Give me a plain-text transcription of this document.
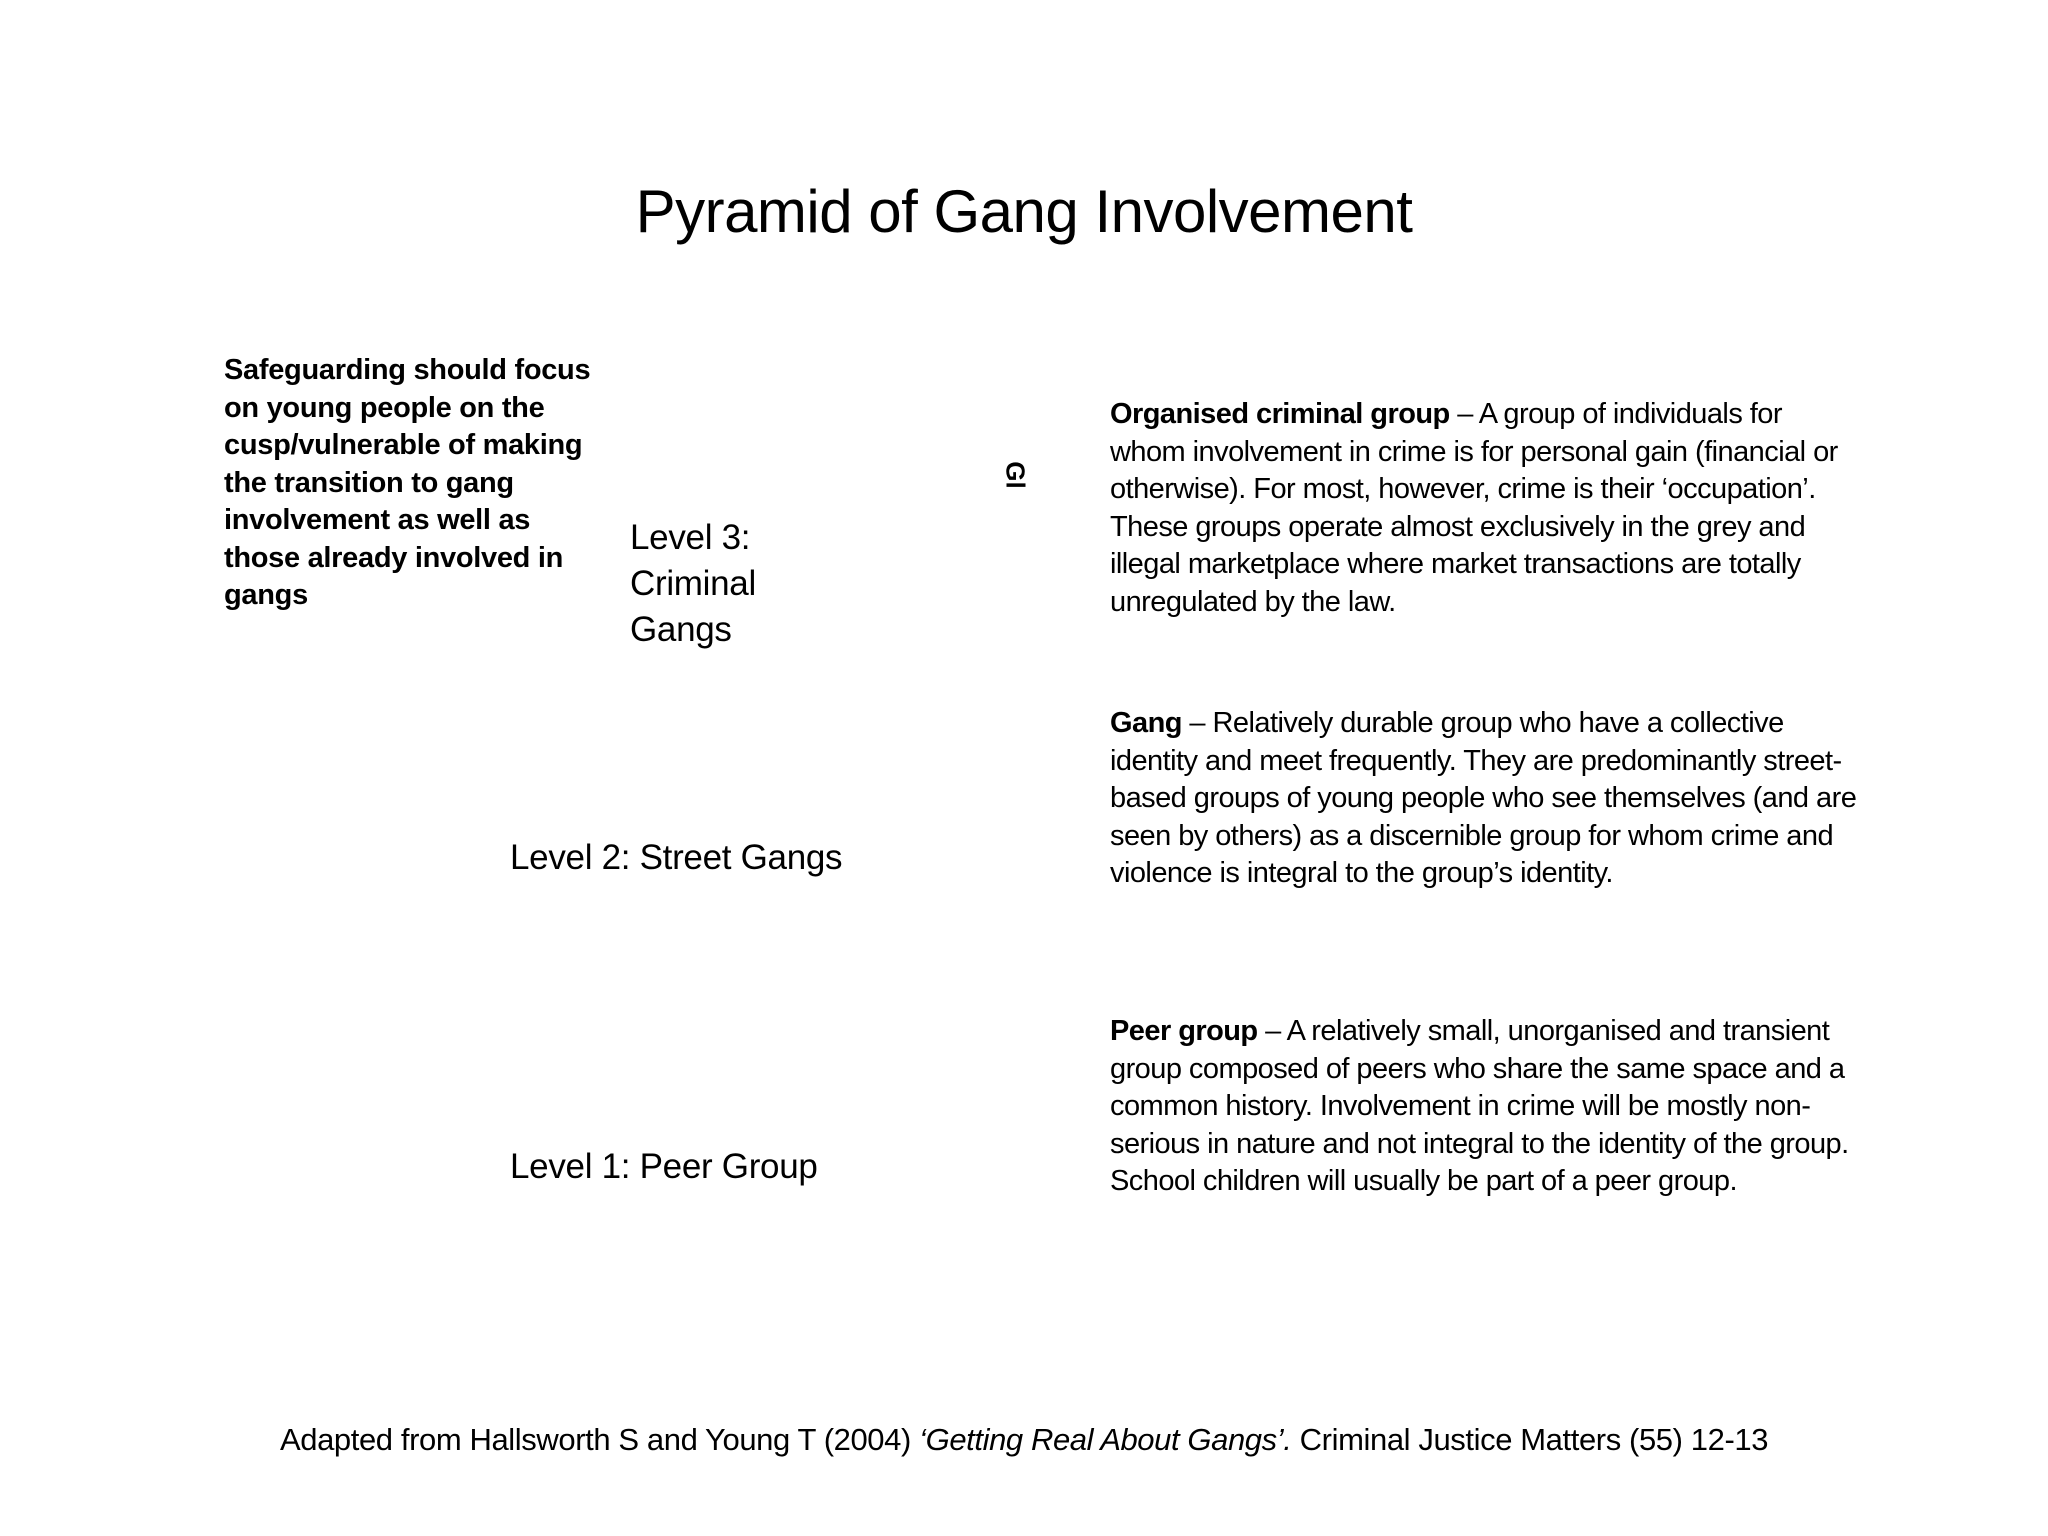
Pyramid of Gang Involvement
Safeguarding should focus on young people on the cusp/vulnerable of making the transition to gang involvement as well as those already involved in gangs
Level 3: Criminal Gangs
Level 2: Street Gangs
Level 1: Peer Group
Gl
Organised criminal group – A group of individuals for whom involvement in crime is for personal gain (financial or otherwise). For most, however, crime is their ‘occupation’. These groups operate almost exclusively in the grey and illegal marketplace where market transactions are totally unregulated by the law.
Gang – Relatively durable group who have a collective identity and meet frequently. They are predominantly street-based groups of young people who see themselves (and are seen by others) as a discernible group for whom crime and violence is integral to the group’s identity.
Peer group – A relatively small, unorganised and transient group composed of peers who share the same space and a common history. Involvement in crime will be mostly non-serious in nature and not integral to the identity of the group. School children will usually be part of a peer group.
Adapted from Hallsworth S and Young T (2004) ‘Getting Real About Gangs’. Criminal Justice Matters (55) 12-13
